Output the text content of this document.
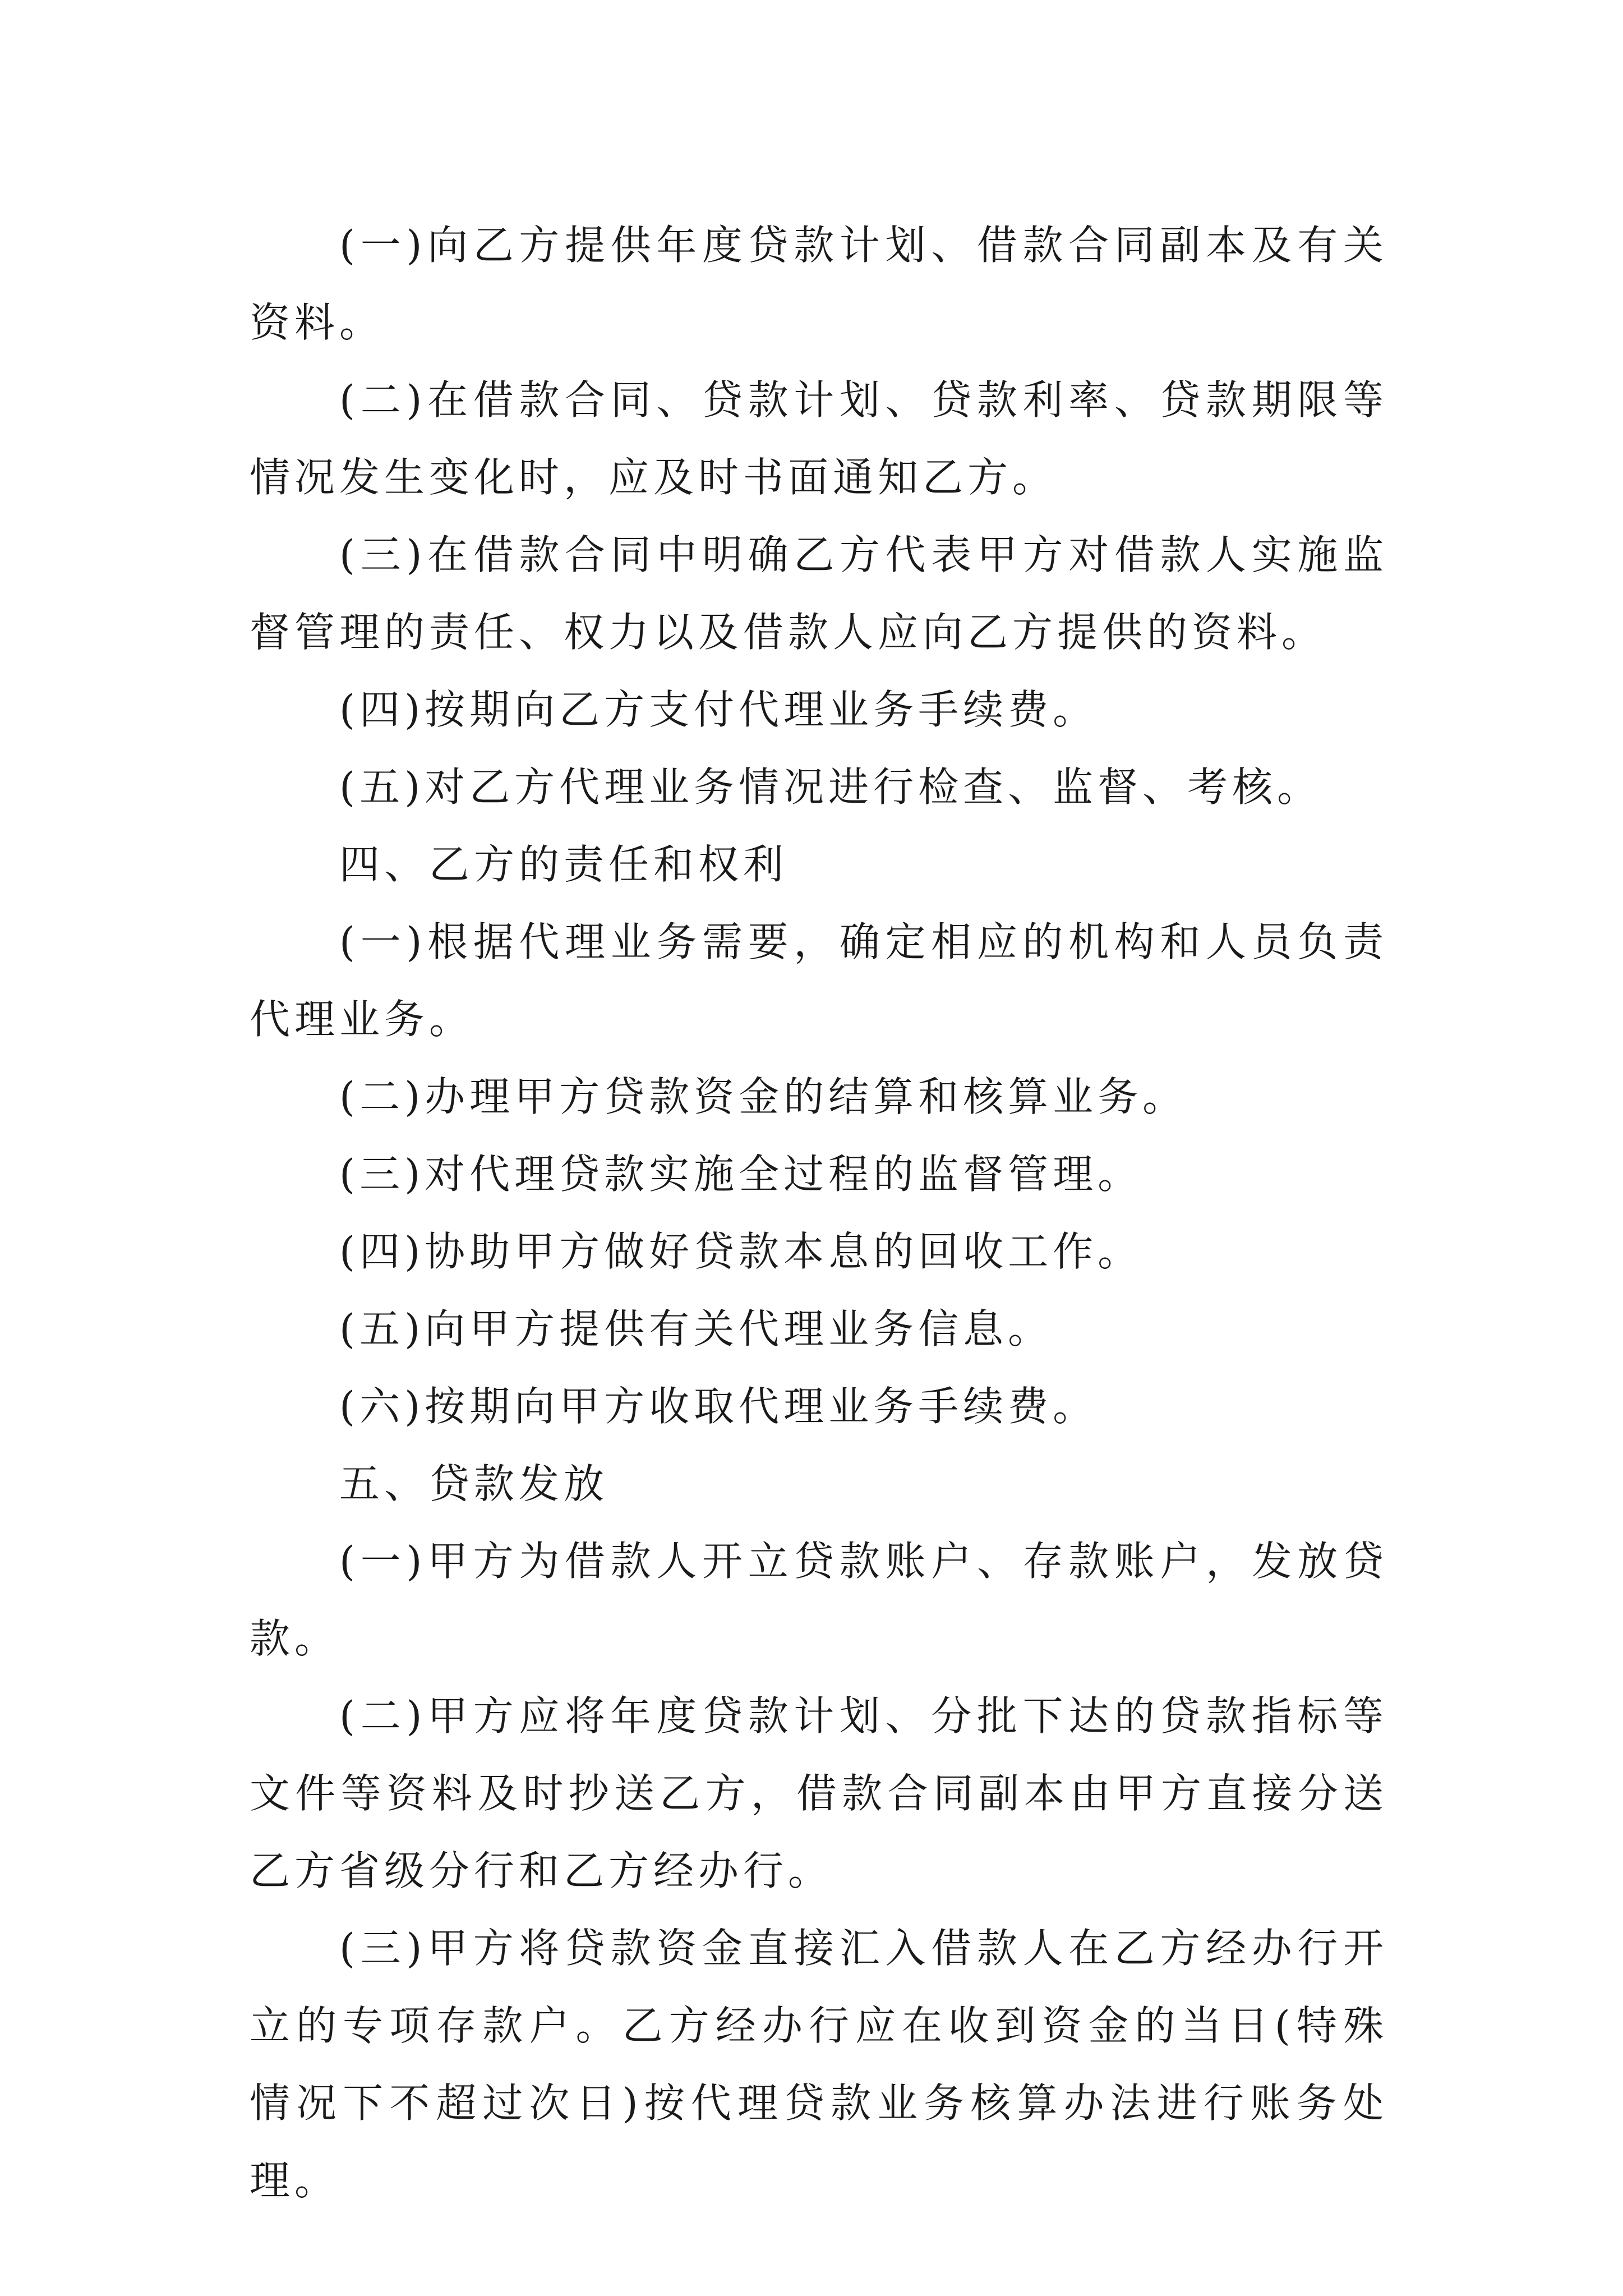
(一)向乙方提供年度贷款计划、借款合同副本及有关资料。

(二)在借款合同、贷款计划、贷款利率、贷款期限等情况发生变化时，应及时书面通知乙方。

(三)在借款合同中明确乙方代表甲方对借款人实施监督管理的责任、权力以及借款人应向乙方提供的资料。

(四)按期向乙方支付代理业务手续费。

(五)对乙方代理业务情况进行检查、监督、考核。

四、乙方的责任和权利

(一)根据代理业务需要，确定相应的机构和人员负责代理业务。

(二)办理甲方贷款资金的结算和核算业务。

(三)对代理贷款实施全过程的监督管理。

(四)协助甲方做好贷款本息的回收工作。

(五)向甲方提供有关代理业务信息。

(六)按期向甲方收取代理业务手续费。

五、贷款发放

(一)甲方为借款人开立贷款账户、存款账户，发放贷款。

(二)甲方应将年度贷款计划、分批下达的贷款指标等文件等资料及时抄送乙方，借款合同副本由甲方直接分送乙方省级分行和乙方经办行。

(三)甲方将贷款资金直接汇入借款人在乙方经办行开立的专项存款户。乙方经办行应在收到资金的当日(特殊情况下不超过次日)按代理贷款业务核算办法进行账务处理。
